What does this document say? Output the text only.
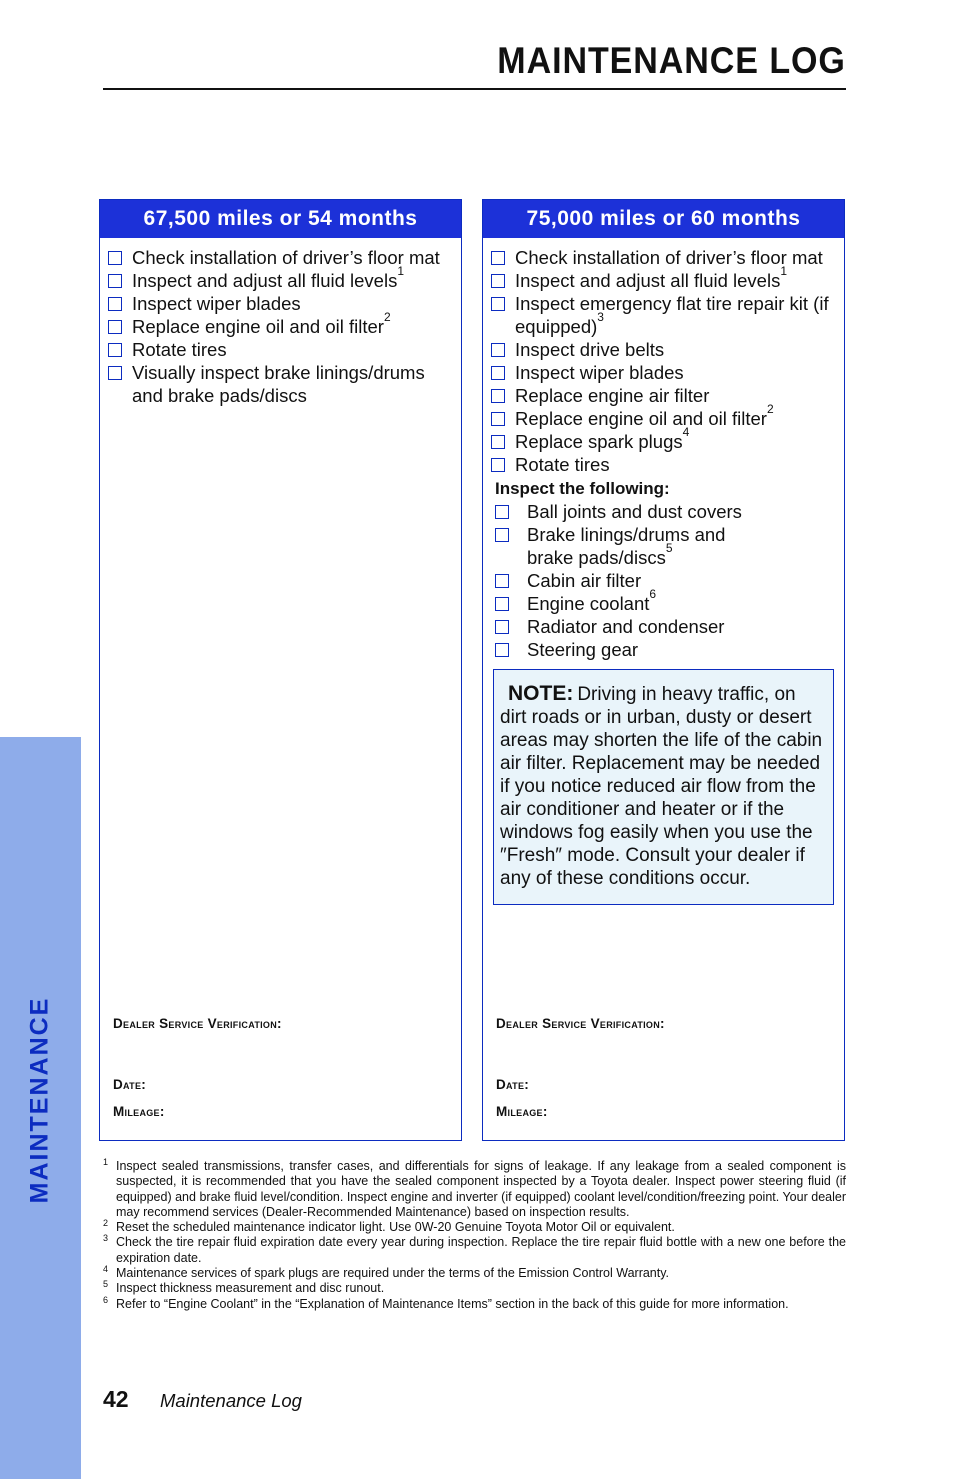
MAINTENANCE
MAINTENANCE LOG
67,500 miles or 54 months
Check installation of driver’s floor mat
Inspect and adjust all fluid levels$^1$
Inspect wiper blades
Replace engine oil and oil filter$^2$
Rotate tires
Visually inspect brake linings/drums and brake pads/discs
Dealer Service Verification:
Date:
Mileage:
75,000 miles or 60 months
Check installation of driver’s floor mat
Inspect and adjust all fluid levels$^1$
Inspect emergency flat tire repair kit (if equipped)$^3$
Inspect drive belts
Inspect wiper blades
Replace engine air filter
Replace engine oil and oil filter$^2$
Replace spark plugs$^4$
Rotate tires
Inspect the following:
Ball joints and dust covers
Brake linings/drums and brake pads/discs$^5$
Cabin air filter
Engine coolant$^6$
Radiator and condenser
Steering gear
NOTE: Driving in heavy traffic, on dirt roads or in urban, dusty or desert areas may shorten the life of the cabin air filter. Replacement may be needed if you notice reduced air flow from the air conditioner and heater or if the windows fog easily when you use the ″Fresh″ mode. Consult your dealer if any of these conditions occur.
Dealer Service Verification:
Date:
Mileage:
1 Inspect sealed transmissions, transfer cases, and differentials for signs of leakage. If any leakage from a sealed component is suspected, it is recommended that you have the sealed component inspected by a Toyota dealer. Inspect power steering fluid (if equipped) and brake fluid level/condition. Inspect engine and inverter (if equipped) coolant level/condition/freezing point. Your dealer may recommend services (Dealer-Recommended Maintenance) based on inspection results.
2 Reset the scheduled maintenance indicator light. Use 0W-20 Genuine Toyota Motor Oil or equivalent.
3 Check the tire repair fluid expiration date every year during inspection. Replace the tire repair fluid bottle with a new one before the expiration date.
4 Maintenance services of spark plugs are required under the terms of the Emission Control Warranty.
5 Inspect thickness measurement and disc runout.
6 Refer to “Engine Coolant” in the “Explanation of Maintenance Items” section in the back of this guide for more information.
42 Maintenance Log
